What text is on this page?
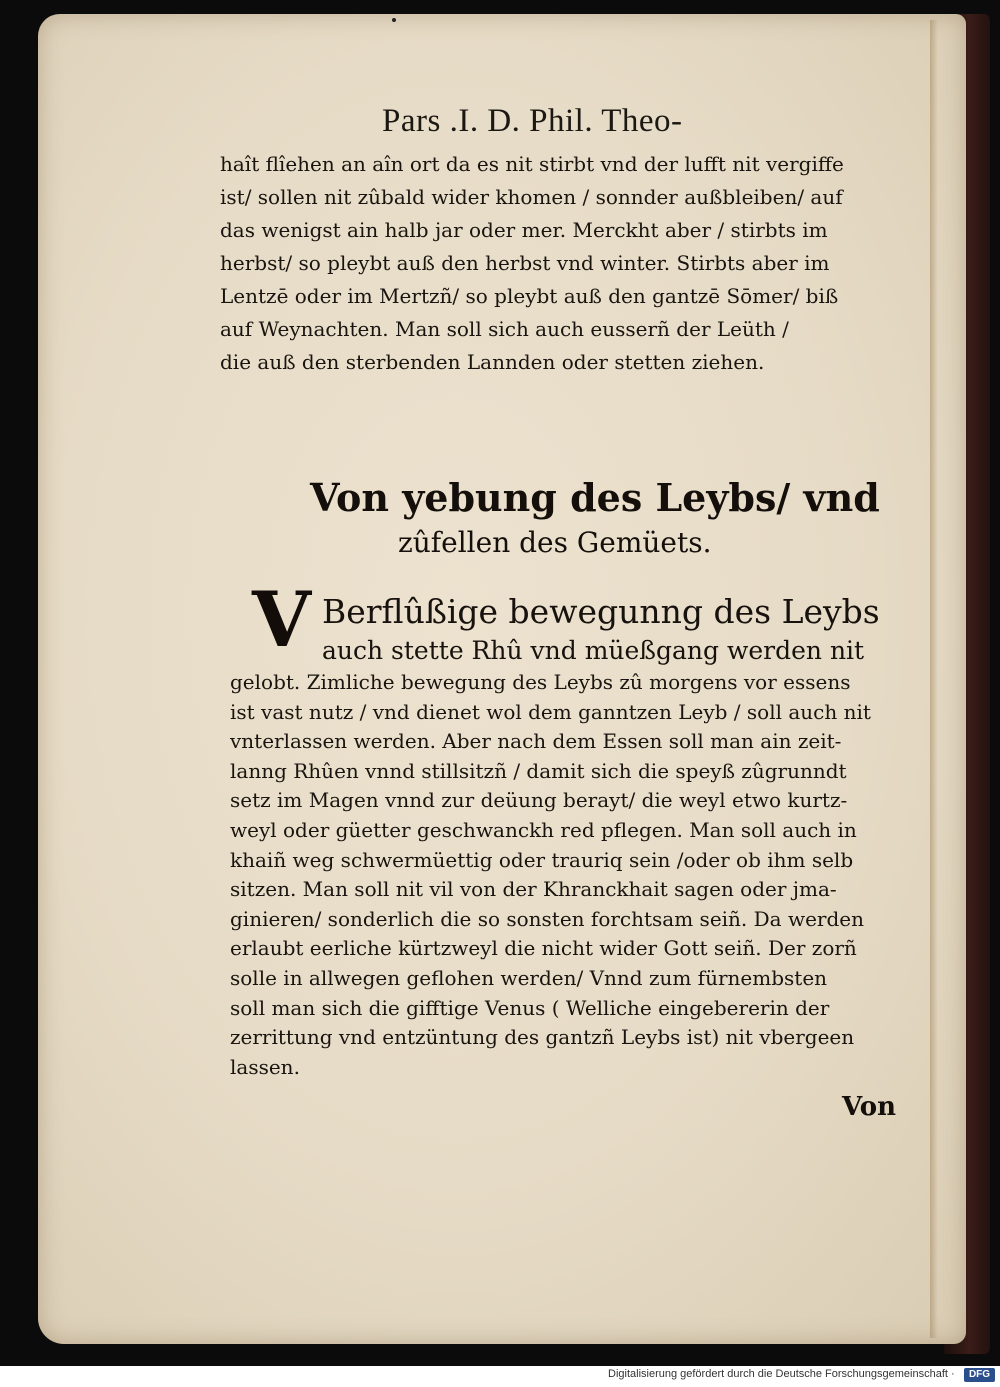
Pars .I. D. Phil. Theo-

haît flîehen an aîn ort da es nit stirbt vnd der lufft nit vergiffe
ist/ sollen nit zûbald wider khomen / sonnder außbleiben/ auf
das wenigst ain halb jar oder mer. Merckht aber / stirbts im
herbst/ so pleybt auß den herbst vnd winter. Stirbts aber im
Lentzē oder im Mertzñ/ so pleybt auß den gantzē Sōmer/ biß
auf Weynachten. Man soll sich auch eusserñ der Leüth /
die auß den sterbenden Lannden oder stetten ziehen.

Von yebung des Leybs/ vnd

zûfellen des Gemüets.

V Berflûßige bewegunng des Leybs

auch stette Rhû vnd müeßgang werden nit

gelobt. Zimliche bewegung des Leybs zû morgens vor essens
ist vast nutz / vnd dienet wol dem ganntzen Leyb / soll auch nit
vnterlassen werden. Aber nach dem Essen soll man ain zeit-
lanng Rhûen vnnd stillsitzñ / damit sich die speyß zûgrunndt
setz im Magen vnnd zur deüung berayt/ die weyl etwo kurtz-
weyl oder güetter geschwanckh red pflegen. Man soll auch in
khaiñ weg schwermüettig oder trauriq sein /oder ob ihm selb
sitzen. Man soll nit vil von der Khranckhait sagen oder jma-
ginieren/ sonderlich die so sonsten forchtsam seiñ. Da werden
erlaubt eerliche kürtzweyl die nicht wider Gott seiñ. Der zorñ
solle in allwegen geflohen werden/ Vnnd zum fürnembsten
soll man sich die gifftige Venus ( Welliche eingebererin der
zerrittung vnd entzüntung des gantzñ Leybs ist) nit vbergeen
lassen.

Von

Digitalisierung gefördert durch die Deutsche Forschungsgemeinschaft ·	DFG
